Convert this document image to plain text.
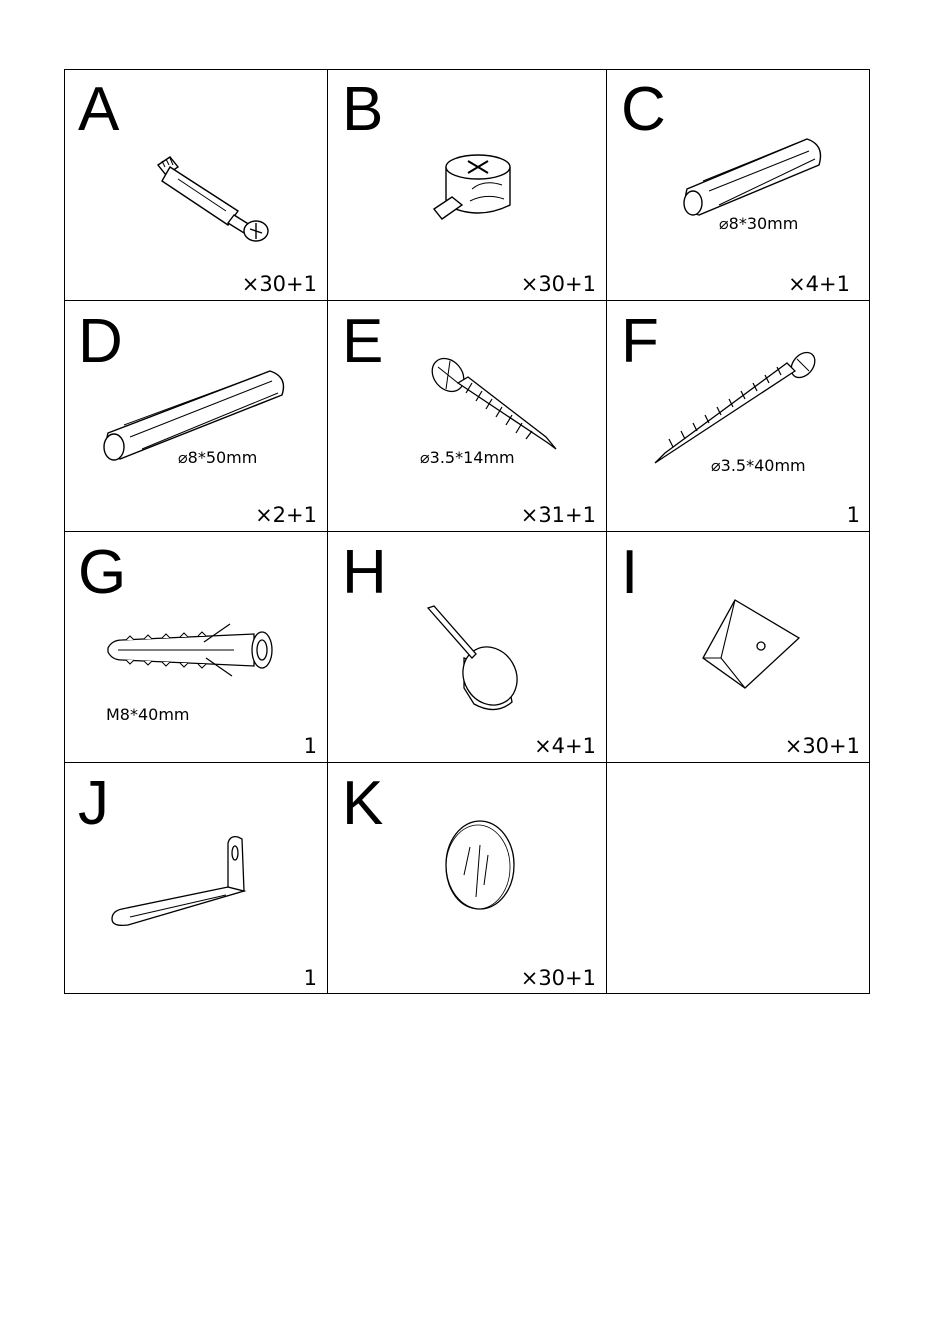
A
×30+1
B
×30+1
C
⌀8*30mm
×4+1
D
⌀8*50mm
×2+1
E
⌀3.5*14mm
×31+1
F
⌀3.5*40mm
1
G
M8*40mm
1
H
×4+1
I
×30+1
J
1
K
×30+1
